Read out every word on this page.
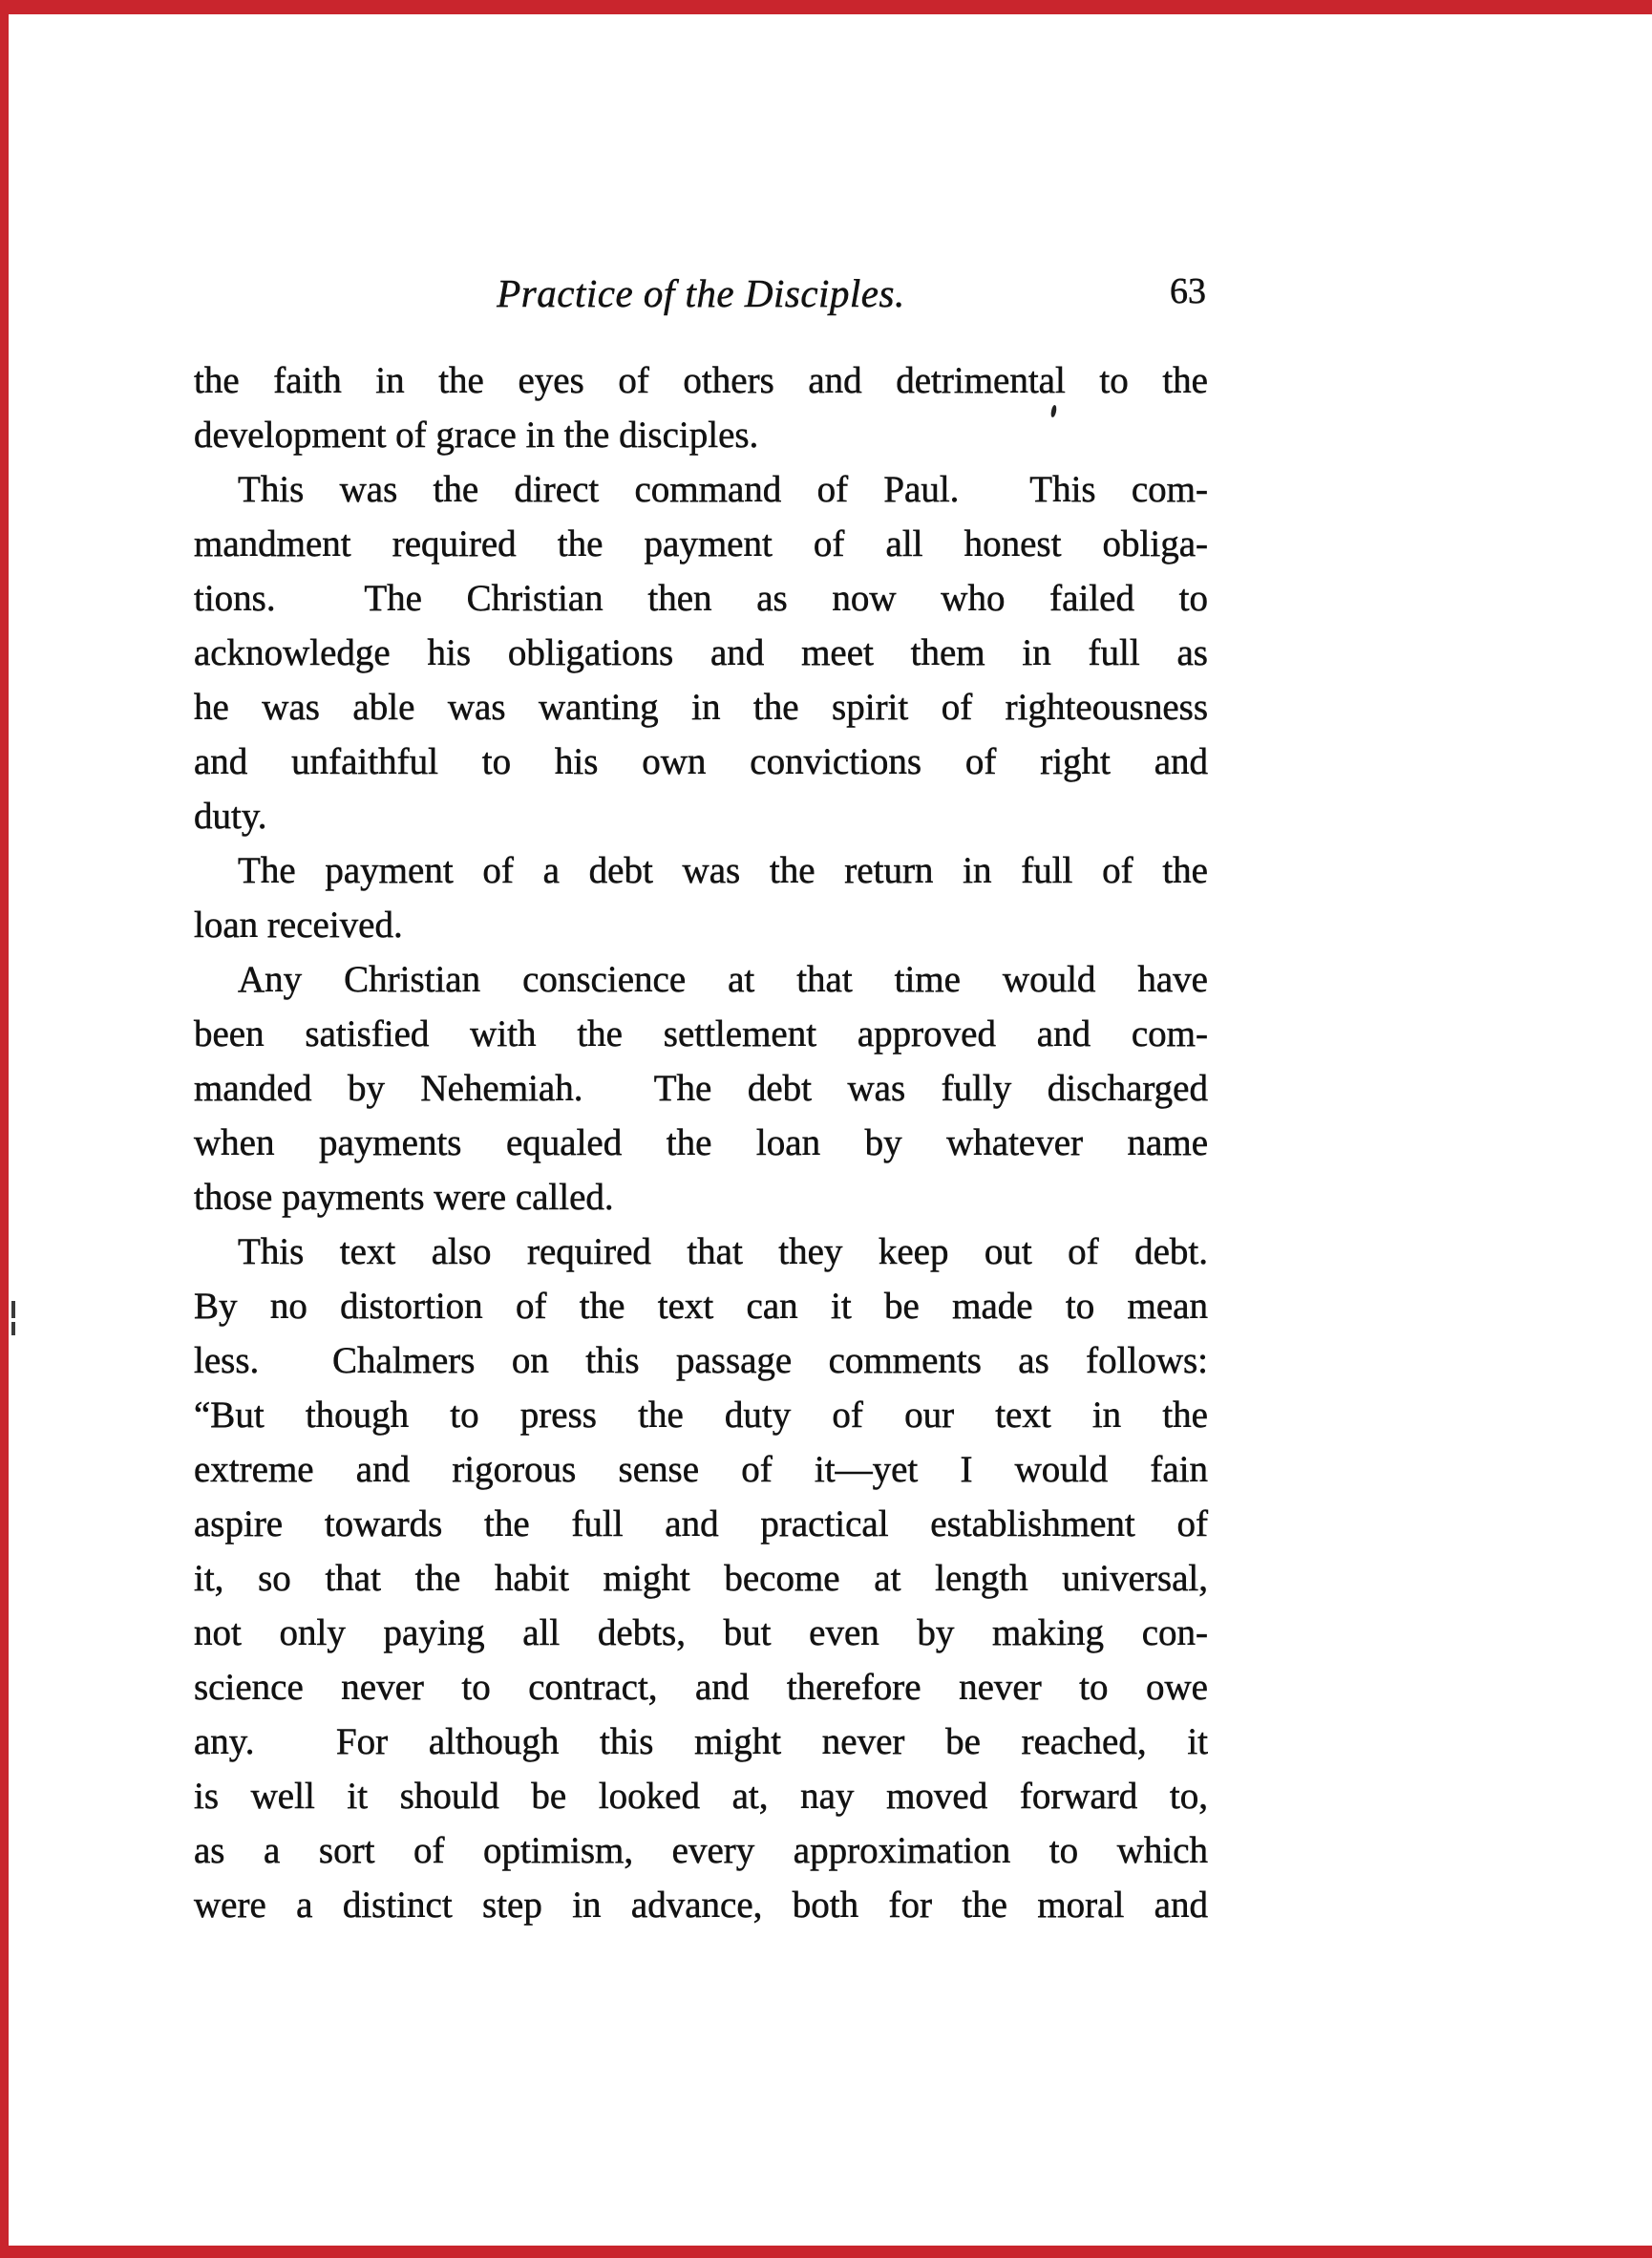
Practice of the Disciples.	63
the faith in the eyes of others and detrimental to the
development of grace in the disciples.
This was the direct command of Paul.  This com-
mandment required the payment of all honest obliga-
tions.  The Christian then as now who failed to
acknowledge his obligations and meet them in full as
he was able was wanting in the spirit of righteousness
and unfaithful to his own convictions of right and
duty.
The payment of a debt was the return in full of the
loan received.
Any Christian conscience at that time would have
been satisfied with the settlement approved and com-
manded by Nehemiah.  The debt was fully discharged
when payments equaled the loan by whatever name
those payments were called.
This text also required that they keep out of debt.
By no distortion of the text can it be made to mean
less.  Chalmers on this passage comments as follows:
“But though to press the duty of our text in the
extreme and rigorous sense of it—yet I would fain
aspire towards the full and practical establishment of
it, so that the habit might become at length universal,
not only paying all debts, but even by making con-
science never to contract, and therefore never to owe
any.  For although this might never be reached, it
is well it should be looked at, nay moved forward to,
as a sort of optimism, every approximation to which
were a distinct step in advance, both for the moral and
